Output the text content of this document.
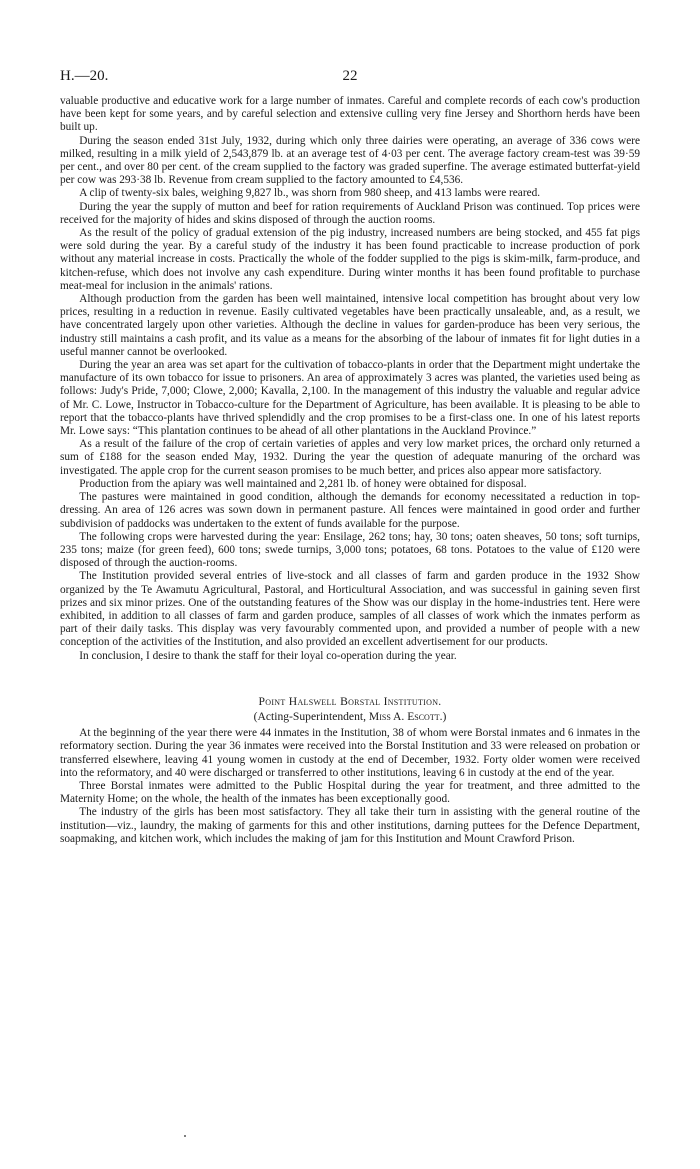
H.—20.	22

valuable productive and educative work for a large number of inmates. Careful and complete records of each cow's production have been kept for some years, and by careful selection and extensive culling very fine Jersey and Shorthorn herds have been built up.

During the season ended 31st July, 1932, during which only three dairies were operating, an average of 336 cows were milked, resulting in a milk yield of 2,543,879 lb. at an average test of 4·03 per cent. The average factory cream-test was 39·59 per cent., and over 80 per cent. of the cream supplied to the factory was graded superfine. The average estimated butterfat-yield per cow was 293·38 lb. Revenue from cream supplied to the factory amounted to £4,536.

A clip of twenty-six bales, weighing 9,827 lb., was shorn from 980 sheep, and 413 lambs were reared.

During the year the supply of mutton and beef for ration requirements of Auckland Prison was continued. Top prices were received for the majority of hides and skins disposed of through the auction rooms.

As the result of the policy of gradual extension of the pig industry, increased numbers are being stocked, and 455 fat pigs were sold during the year. By a careful study of the industry it has been found practicable to increase production of pork without any material increase in costs. Practically the whole of the fodder supplied to the pigs is skim-milk, farm-produce, and kitchen-refuse, which does not involve any cash expenditure. During winter months it has been found profitable to purchase meat-meal for inclusion in the animals' rations.

Although production from the garden has been well maintained, intensive local competition has brought about very low prices, resulting in a reduction in revenue. Easily cultivated vegetables have been practically unsaleable, and, as a result, we have concentrated largely upon other varieties. Although the decline in values for garden-produce has been very serious, the industry still maintains a cash profit, and its value as a means for the absorbing of the labour of inmates fit for light duties in a useful manner cannot be overlooked.

During the year an area was set apart for the cultivation of tobacco-plants in order that the Department might undertake the manufacture of its own tobacco for issue to prisoners. An area of approximately 3 acres was planted, the varieties used being as follows: Judy's Pride, 7,000; Clowe, 2,000; Kavalla, 2,100. In the management of this industry the valuable and regular advice of Mr. C. Lowe, Instructor in Tobacco-culture for the Department of Agriculture, has been available. It is pleasing to be able to report that the tobacco-plants have thrived splendidly and the crop promises to be a first-class one. In one of his latest reports Mr. Lowe says: “This plantation continues to be ahead of all other plantations in the Auckland Province.”

As a result of the failure of the crop of certain varieties of apples and very low market prices, the orchard only returned a sum of £188 for the season ended May, 1932. During the year the question of adequate manuring of the orchard was investigated. The apple crop for the current season promises to be much better, and prices also appear more satisfactory.

Production from the apiary was well maintained and 2,281 lb. of honey were obtained for disposal.

The pastures were maintained in good condition, although the demands for economy necessitated a reduction in top-dressing. An area of 126 acres was sown down in permanent pasture. All fences were maintained in good order and further subdivision of paddocks was undertaken to the extent of funds available for the purpose.

The following crops were harvested during the year: Ensilage, 262 tons; hay, 30 tons; oaten sheaves, 50 tons; soft turnips, 235 tons; maize (for green feed), 600 tons; swede turnips, 3,000 tons; potatoes, 68 tons. Potatoes to the value of £120 were disposed of through the auction-rooms.

The Institution provided several entries of live-stock and all classes of farm and garden produce in the 1932 Show organized by the Te Awamutu Agricultural, Pastoral, and Horticultural Association, and was successful in gaining seven first prizes and six minor prizes. One of the outstanding features of the Show was our display in the home-industries tent. Here were exhibited, in addition to all classes of farm and garden produce, samples of all classes of work which the inmates perform as part of their daily tasks. This display was very favourably commented upon, and provided a number of people with a new conception of the activities of the Institution, and also provided an excellent advertisement for our products.

In conclusion, I desire to thank the staff for their loyal co-operation during the year.

Point Halswell Borstal Institution.
(Acting-Superintendent, Miss A. Escott.)

At the beginning of the year there were 44 inmates in the Institution, 38 of whom were Borstal inmates and 6 inmates in the reformatory section. During the year 36 inmates were received into the Borstal Institution and 33 were released on probation or transferred elsewhere, leaving 41 young women in custody at the end of December, 1932. Forty older women were received into the reformatory, and 40 were discharged or transferred to other institutions, leaving 6 in custody at the end of the year.

Three Borstal inmates were admitted to the Public Hospital during the year for treatment, and three admitted to the Maternity Home; on the whole, the health of the inmates has been exceptionally good.

The industry of the girls has been most satisfactory. They all take their turn in assisting with the general routine of the institution—viz., laundry, the making of garments for this and other institutions, darning puttees for the Defence Department, soapmaking, and kitchen work, which includes the making of jam for this Institution and Mount Crawford Prison.
